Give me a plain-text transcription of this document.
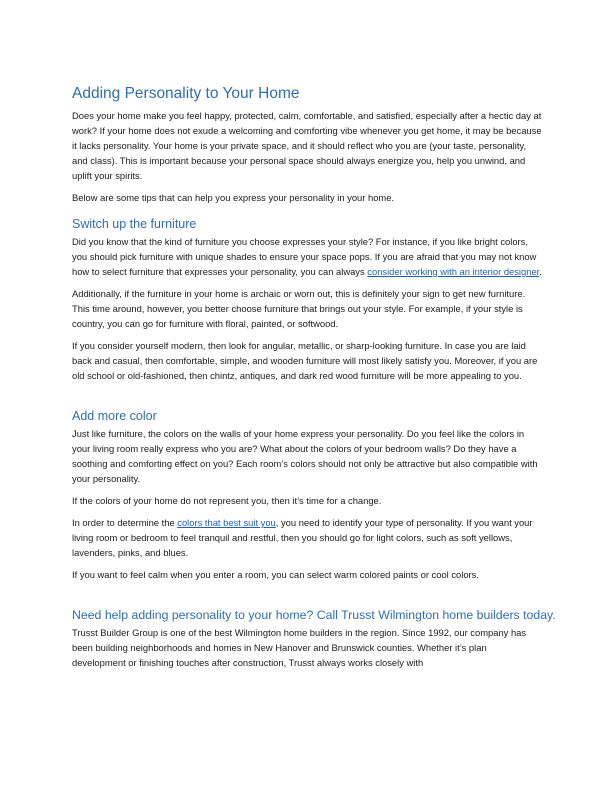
Adding Personality to Your Home

Does your home make you feel happy, protected, calm, comfortable, and satisfied, especially after a hectic day at work? If your home does not exude a welcoming and comforting vibe whenever you get home, it may be because it lacks personality. Your home is your private space, and it should reflect who you are (your taste, personality, and class). This is important because your personal space should always energize you, help you unwind, and uplift your spirits.

Below are some tips that can help you express your personality in your home.

Switch up the furniture

Did you know that the kind of furniture you choose expresses your style? For instance, if you like bright colors, you should pick furniture with unique shades to ensure your space pops. If you are afraid that you may not know how to select furniture that expresses your personality, you can always consider working with an interior designer.

Additionally, if the furniture in your home is archaic or worn out, this is definitely your sign to get new furniture. This time around, however, you better choose furniture that brings out your style. For example, if your style is country, you can go for furniture with floral, painted, or softwood.

If you consider yourself modern, then look for angular, metallic, or sharp-looking furniture. In case you are laid back and casual, then comfortable, simple, and wooden furniture will most likely satisfy you. Moreover, if you are old school or old-fashioned, then chintz, antiques, and dark red wood furniture will be more appealing to you.

Add more color

Just like furniture, the colors on the walls of your home express your personality. Do you feel like the colors in your living room really express who you are? What about the colors of your bedroom walls? Do they have a soothing and comforting effect on you? Each room’s colors should not only be attractive but also compatible with your personality.

If the colors of your home do not represent you, then it’s time for a change.

In order to determine the colors that best suit you, you need to identify your type of personality. If you want your living room or bedroom to feel tranquil and restful, then you should go for light colors, such as soft yellows, lavenders, pinks, and blues.

If you want to feel calm when you enter a room, you can select warm colored paints or cool colors.

Need help adding personality to your home? Call Trusst Wilmington home builders today.

Trusst Builder Group is one of the best Wilmington home builders in the region. Since 1992, our company has been building neighborhoods and homes in New Hanover and Brunswick counties. Whether it’s plan development or finishing touches after construction, Trusst always works closely with
